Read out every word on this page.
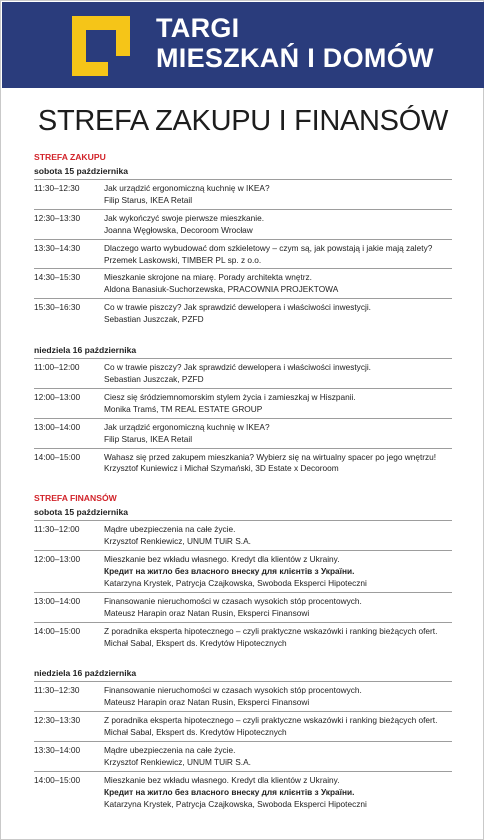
TARGI
MIESZKAŃ I DOMÓW
STREFA ZAKUPU I FINANSÓW
STREFA ZAKUPU
sobota 15 października
11:30–12:30	Jak urządzić ergonomiczną kuchnię w IKEA?
Filip Starus, IKEA Retail
12:30–13:30	Jak wykończyć swoje pierwsze mieszkanie.
Joanna Węgłowska, Decoroom Wrocław
13:30–14:30	Dlaczego warto wybudować dom szkieletowy – czym są, jak powstają i jakie mają zalety?
Przemek Laskowski, TIMBER PL sp. z o.o.
14:30–15:30	Mieszkanie skrojone na miarę. Porady architekta wnętrz.
Aldona Banasiuk-Suchorzewska, PRACOWNIA PROJEKTOWA
15:30–16:30	Co w trawie piszczy? Jak sprawdzić dewelopera i właściwości inwestycji.
Sebastian Juszczak, PZFD
niedziela 16 października
11:00–12:00	Co w trawie piszczy? Jak sprawdzić dewelopera i właściwości inwestycji.
Sebastian Juszczak, PZFD
12:00–13:00	Ciesz się śródziemnomorskim stylem życia i zamieszkaj w Hiszpanii.
Monika Tramś, TM REAL ESTATE GROUP
13:00–14:00	Jak urządzić ergonomiczną kuchnię w IKEA?
Filip Starus, IKEA Retail
14:00–15:00	Wahasz się przed zakupem mieszkania? Wybierz się na wirtualny spacer po jego wnętrzu!
Krzysztof Kuniewicz i Michał Szymański, 3D Estate x Decoroom
STREFA FINANSÓW
sobota 15 października
11:30–12:00	Mądre ubezpieczenia na całe życie.
Krzysztof Renkiewicz, UNUM TUiR S.A.
12:00–13:00	Mieszkanie bez wkładu własnego. Kredyt dla klientów z Ukrainy.
Кредит на житло без власного внеску для клієнтів з України.
Katarzyna Krystek, Patrycja Czajkowska, Swoboda Eksperci Hipoteczni
13:00–14:00	Finansowanie nieruchomości w czasach wysokich stóp procentowych.
Mateusz Harapin oraz Natan Rusin, Eksperci Finansowi
14:00–15:00	Z poradnika eksperta hipotecznego – czyli praktyczne wskazówki i ranking bieżących ofert.
Michał Sabal, Ekspert ds. Kredytów Hipotecznych
niedziela 16 października
11:30–12:30	Finansowanie nieruchomości w czasach wysokich stóp procentowych.
Mateusz Harapin oraz Natan Rusin, Eksperci Finansowi
12:30–13:30	Z poradnika eksperta hipotecznego – czyli praktyczne wskazówki i ranking bieżących ofert.
Michał Sabal, Ekspert ds. Kredytów Hipotecznych
13:30–14:00	Mądre ubezpieczenia na całe życie.
Krzysztof Renkiewicz, UNUM TUiR S.A.
14:00–15:00	Mieszkanie bez wkładu własnego. Kredyt dla klientów z Ukrainy.
Кредит на житло без власного внеску для клієнтів з України.
Katarzyna Krystek, Patrycja Czajkowska, Swoboda Eksperci Hipoteczni
